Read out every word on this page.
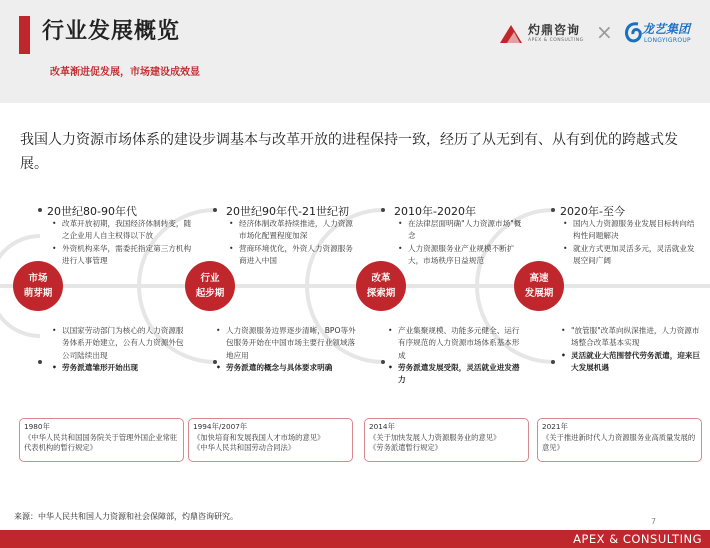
行业发展概览
改革渐进促发展，市场建设成效显
灼鼎咨询
APEX & CONSULTING × 龙艺集团
LONGYIGROUP
我国人力资源市场体系的建设步调基本与改革开放的进程保持一致，经历了从无到有、从有到优的跨越式发展。
20世纪80-90年代	20世纪90年代-21世纪初	2010年-2020年	2020年-至今
市场
萌芽期
行业
起步期
改革
探索期
高速
发展期

• 改革开放初期，我国经济体制转变，随之企业用人自主权得以下放

• 外资机构来华，需委托指定第三方机构进行人事管理

• 经济体制改革持续推进，人力资源市场化配置程度加深

• 营商环境优化，外资人力资源服务商进入中国

• 在法律层面明确"人力资源市场"概念

• 人力资源服务业产业规模不断扩大，市场秩序日益规范

• 国内人力资源服务业发展目标转向结构性问题解决

• 就业方式更加灵活多元，灵活就业发展空间广阔

• 以国家劳动部门为核心的人力资源服务体系开始建立，公有人力资源外包公司陆续出现

• 劳务派遣雏形开始出现

• 人力资源服务边界逐步清晰，BPO等外包服务开始在中国市场主要行业领域落地应用

• 劳务派遣的概念与具体要求明确

• 产业集聚规模、功能多元健全、运行有序规范的人力资源市场体系基本形成

• 劳务派遣发展受限，灵活就业进发潜力

• "放管服"改革向纵深推进，人力资源市场整合改革基本实现

• 灵活就业大范围替代劳务派遣，迎来巨大发展机遇

1980年
《中华人民共和国国务院关于管理外国企业常驻代表机构的暂行规定》
1994年/2007年
《加快培育和发展我国人才市场的意见》
《中华人民共和国劳动合同法》
2014年
《关于加快发展人力资源服务业的意见》
《劳务派遣暂行规定》
2021年
《关于推进新时代人力资源服务业高质量发展的意见》
来源：中华人民共和国人力资源和社会保障部，灼鼎咨询研究。
7
APEX & CONSULTING
